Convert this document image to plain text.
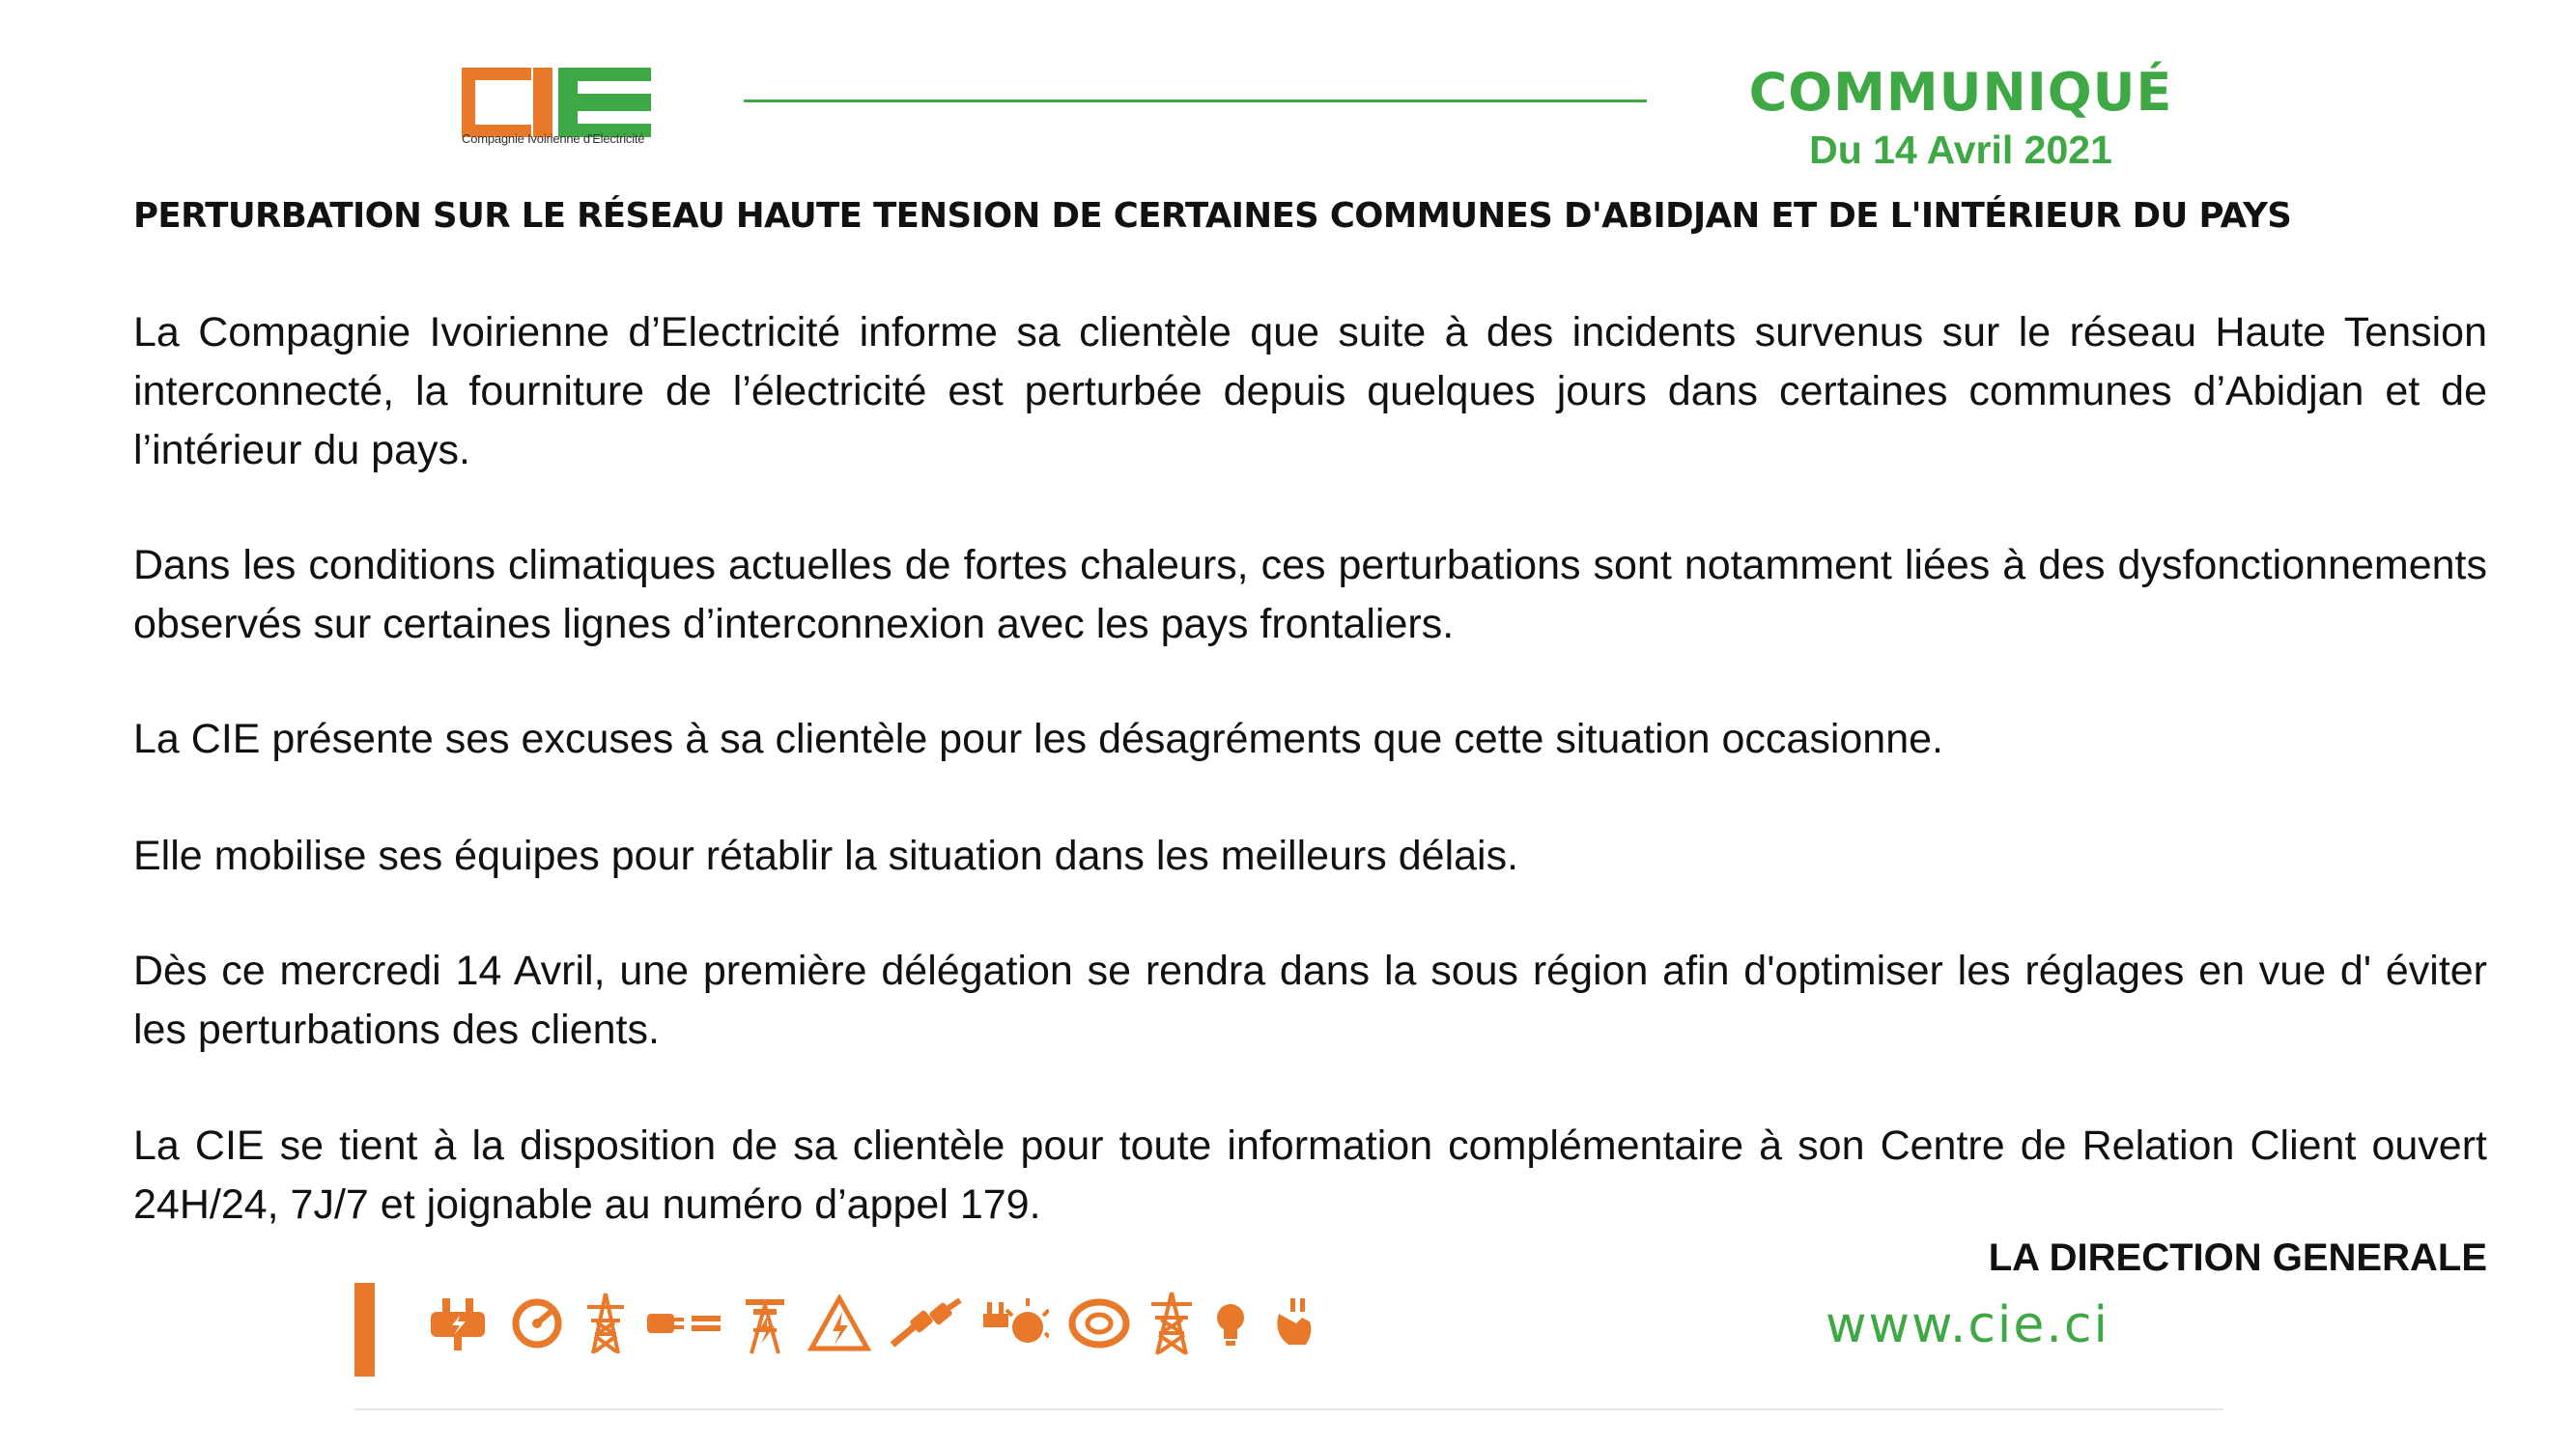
Compagnie Ivoirienne d'Electricité
COMMUNIQUÉ
Du 14 Avril 2021
PERTURBATION SUR LE RÉSEAU HAUTE TENSION DE CERTAINES COMMUNES D'ABIDJAN ET DE L'INTÉRIEUR DU PAYS

La Compagnie Ivoirienne d’Electricité informe sa clientèle que suite à des incidents survenus sur le réseau Haute Tension interconnecté, la fourniture de l’électricité est perturbée depuis quelques jours dans certaines communes d’Abidjan et de l’intérieur du pays.

Dans les conditions climatiques actuelles de fortes chaleurs, ces perturbations sont notamment liées à des dysfonctionnements observés sur certaines lignes d’interconnexion avec les pays frontaliers.

La CIE présente ses excuses à sa clientèle pour les désagréments que cette situation occasionne.

Elle mobilise ses équipes pour rétablir la situation dans les meilleurs délais.

Dès ce mercredi 14 Avril, une première délégation se rendra dans la sous région afin d'optimiser les réglages en vue d' éviter les perturbations des clients.

La CIE se tient à la disposition de sa clientèle pour toute information complémentaire à son Centre de Relation Client ouvert 24H/24, 7J/7 et joignable au numéro d’appel 179.

LA DIRECTION GENERALE
www.cie.ci
